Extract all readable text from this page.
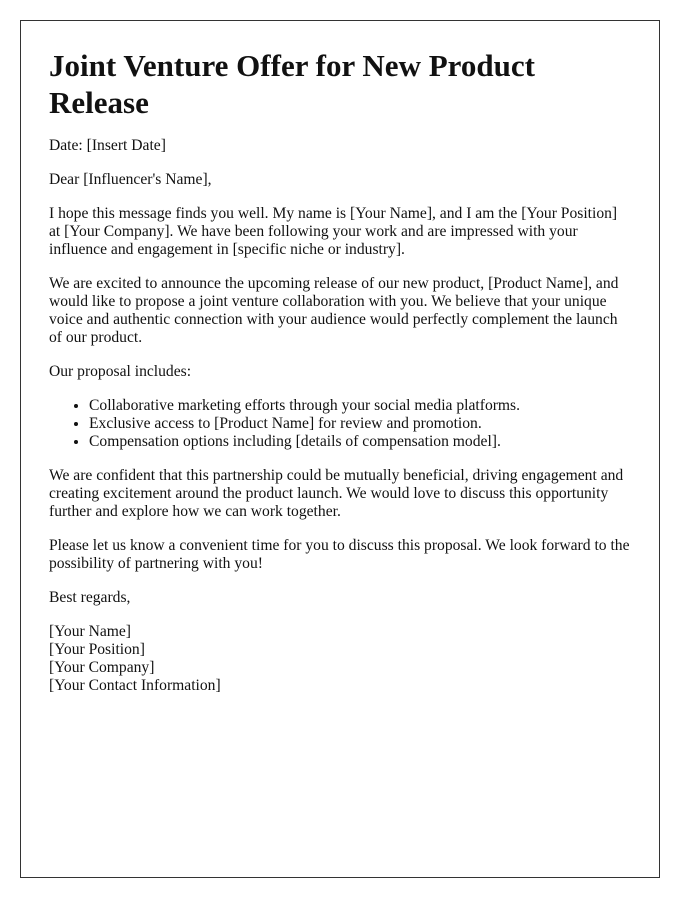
Joint Venture Offer for New Product Release

Date: [Insert Date]

Dear [Influencer's Name],

I hope this message finds you well. My name is [Your Name], and I am the [Your Position] at [Your Company]. We have been following your work and are impressed with your influence and engagement in [specific niche or industry].

We are excited to announce the upcoming release of our new product, [Product Name], and would like to propose a joint venture collaboration with you. We believe that your unique voice and authentic connection with your audience would perfectly complement the launch of our product.

Our proposal includes:

• Collaborative marketing efforts through your social media platforms.
• Exclusive access to [Product Name] for review and promotion.
• Compensation options including [details of compensation model].

We are confident that this partnership could be mutually beneficial, driving engagement and creating excitement around the product launch. We would love to discuss this opportunity further and explore how we can work together.

Please let us know a convenient time for you to discuss this proposal. We look forward to the possibility of partnering with you!

Best regards,

[Your Name]

[Your Position]

[Your Company]

[Your Contact Information]
